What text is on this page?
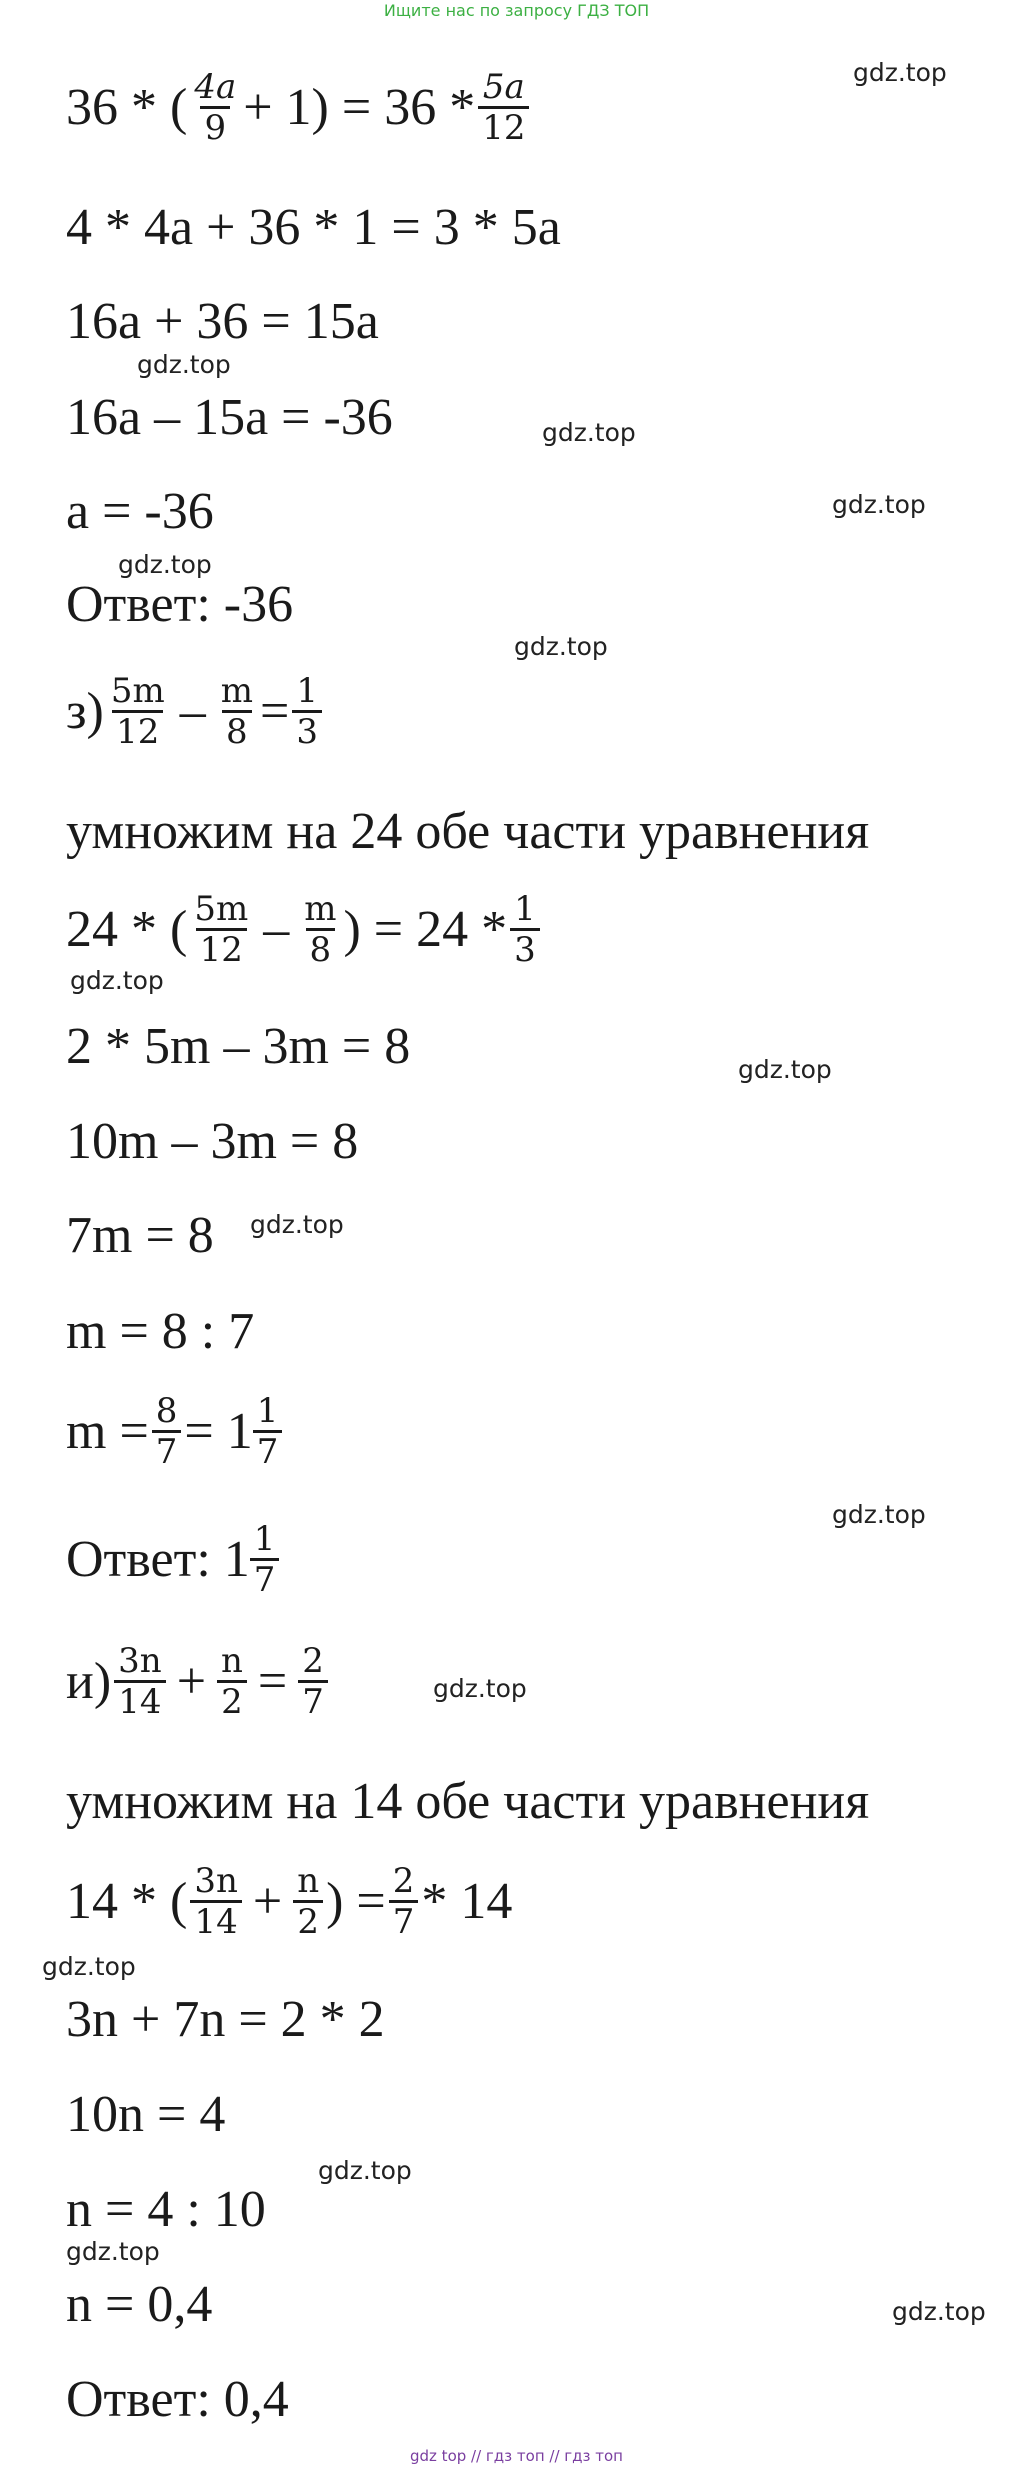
Ищите нас по запросу ГДЗ ТОП
gdz.top
gdz.top
gdz.top
gdz.top
gdz.top
gdz.top
gdz.top
gdz.top
gdz.top
gdz.top
gdz.top
gdz.top
gdz.top
gdz.top
gdz.top
36 * ( $\frac{4a}{9} + 1) = 36 * \frac{5a}{12}$
4 * 4a + 36 * 1 = 3 * 5a
16a + 36 = 15a
16a – 15a = -36
a = -36
Ответ: -36
$з) \frac{5m}{12} - \frac{m}{8} = \frac{1}{3}$
умножим на 24 обе части уравнения
24 * ( $\frac{5m}{12} - \frac{m}{8}$ ) = $24 * \frac{1}{3}$
2 * 5m – 3m = 8
10m – 3m = 8
7m = 8
m = 8 : 7
$m = \frac{8}{7} = 1 \frac{1}{7}$
Ответ: $1 \frac{1}{7}$
$и) \frac{3n}{14} + \frac{n}{2} = \frac{2}{7}$
умножим на 14 обе части уравнения
14 * ( $\frac{3n}{14} + \frac{n}{2}$ ) = $\frac{2}{7} * 14$
3n + 7n = 2 * 2
10n = 4
n = 4 : 10
n = 0,4
Ответ: 0,4
gdz top // гдз топ // гдз топ
